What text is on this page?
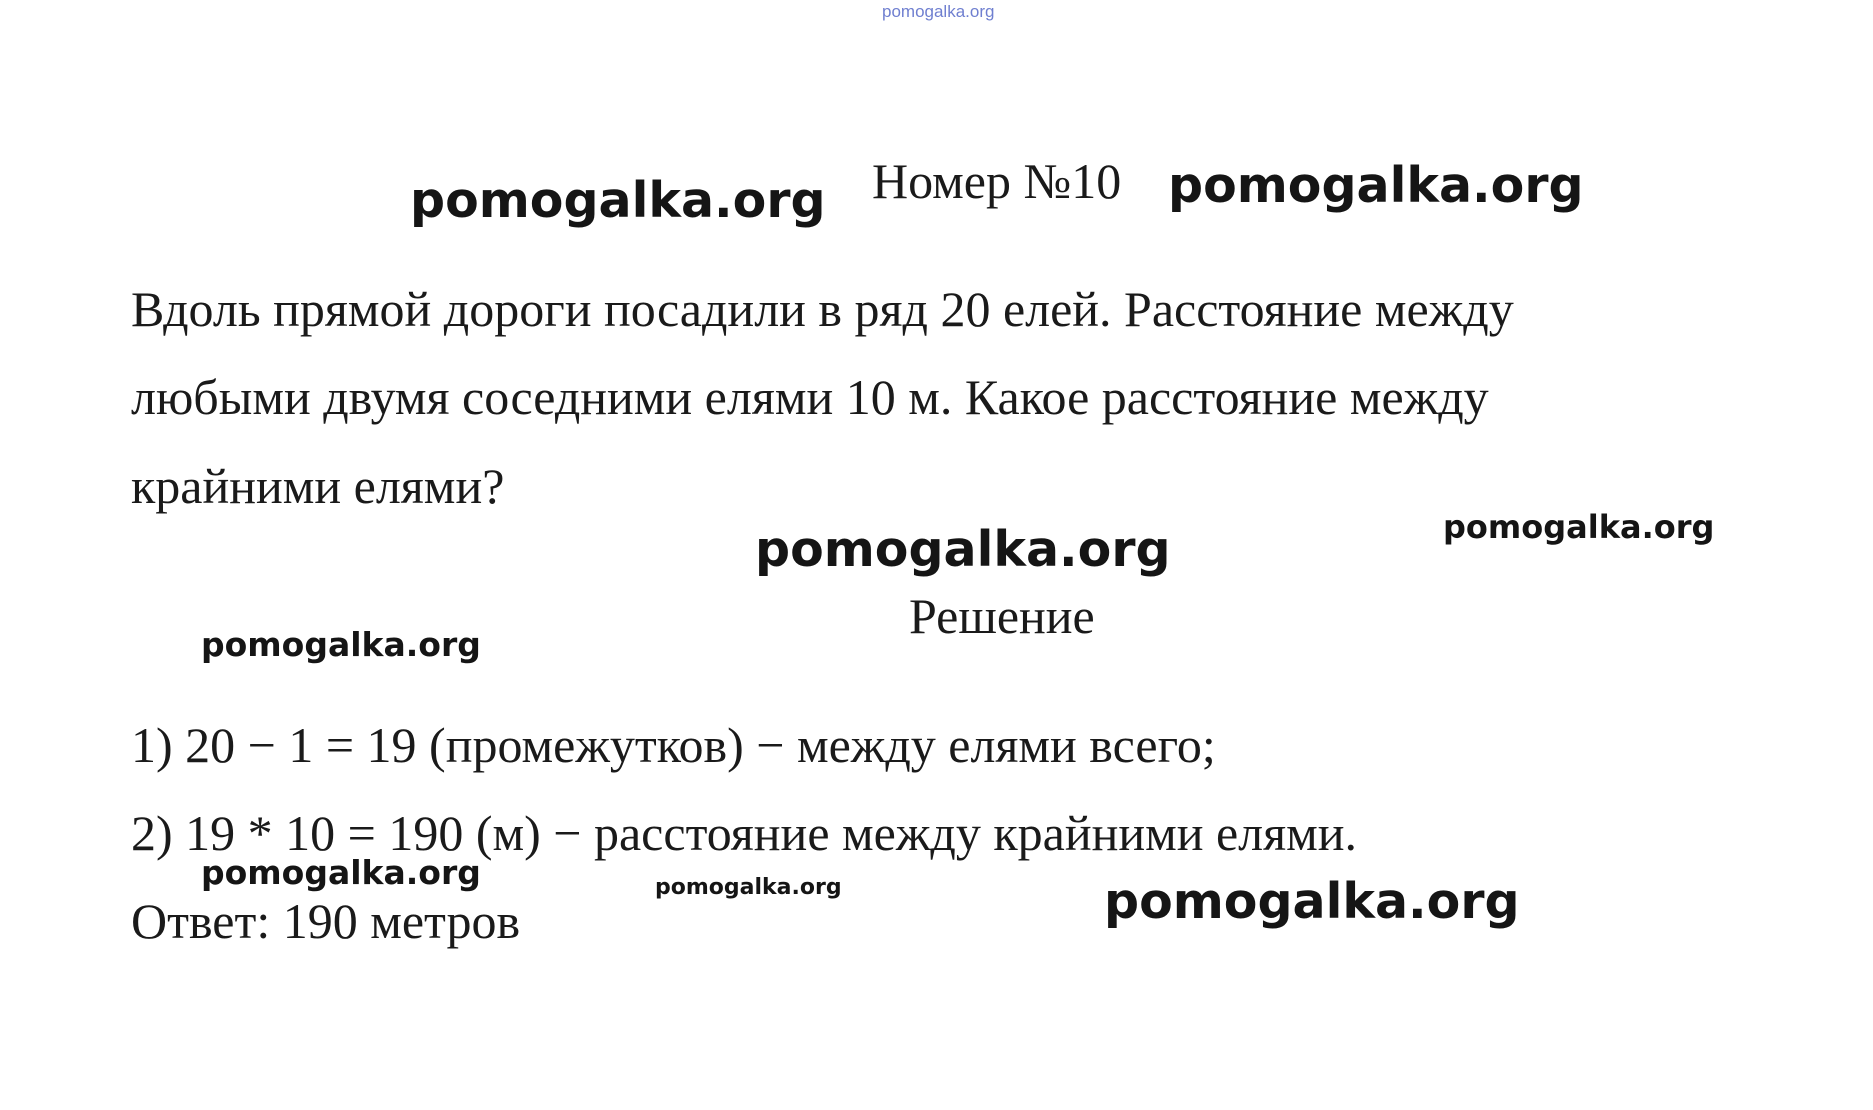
pomogalka.org
Номер №10
pomogalka.org	pomogalka.org
Вдоль прямой дороги посадили в ряд 20 елей. Расстояние между
любыми двумя соседними елями 10 м. Какое расстояние между
крайними елями?
pomogalka.org
pomogalka.org
Решение
pomogalka.org
1) 20 − 1 = 19 (промежутков) − между елями всего;
2) 19 * 10 = 190 (м) − расстояние между крайними елями.
pomogalka.org	pomogalka.org	pomogalka.org
Ответ: 190 метров
